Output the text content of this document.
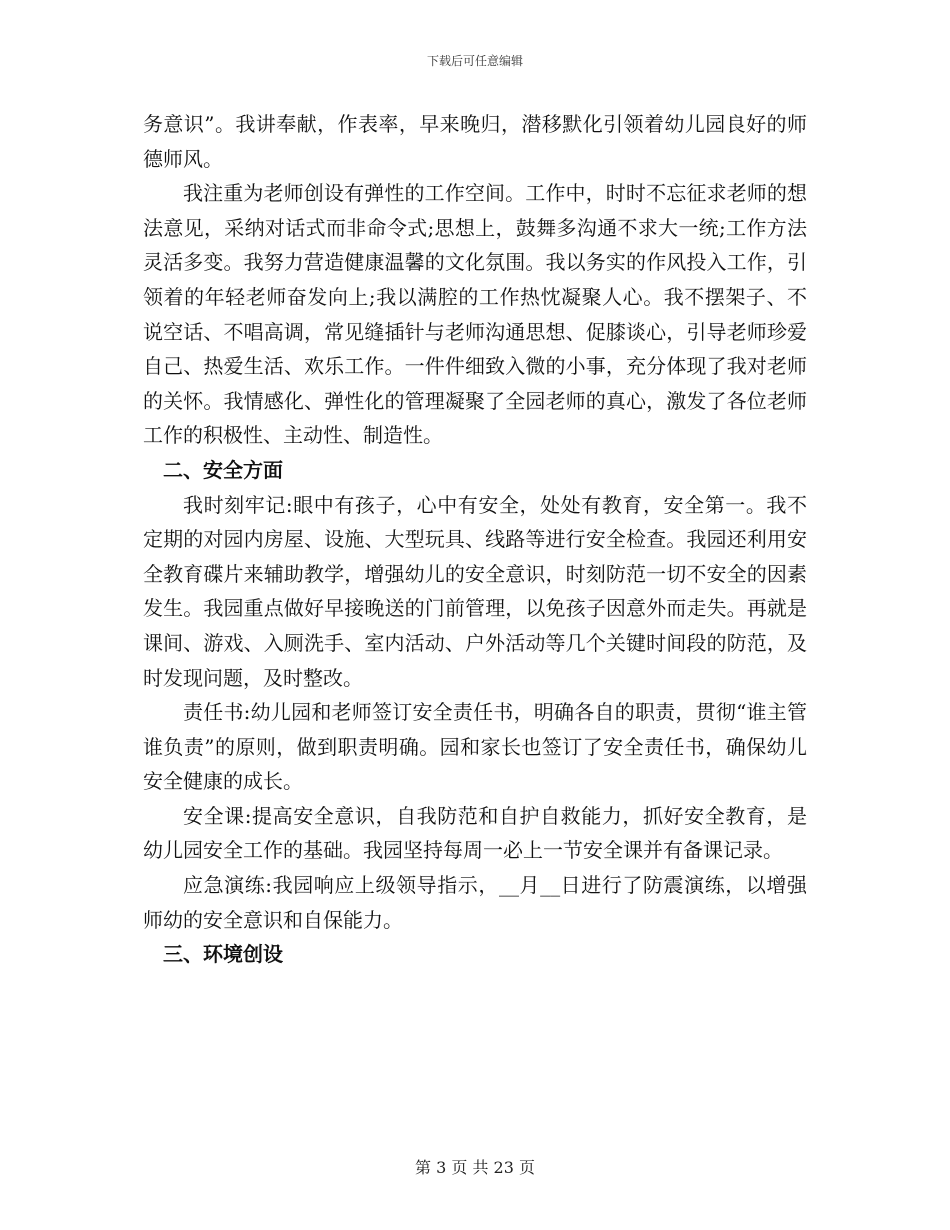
下载后可任意编辑

务意识”。我讲奉献，作表率，早来晚归，潜移默化引领着幼儿园良好的师德师风。

我注重为老师创设有弹性的工作空间。工作中，时时不忘征求老师的想法意见，采纳对话式而非命令式;思想上，鼓舞多沟通不求大一统;工作方法灵活多变。我努力营造健康温馨的文化氛围。我以务实的作风投入工作，引领着的年轻老师奋发向上;我以满腔的工作热忱凝聚人心。我不摆架子、不说空话、不唱高调，常见缝插针与老师沟通思想、促膝谈心，引导老师珍爱自己、热爱生活、欢乐工作。一件件细致入微的小事，充分体现了我对老师的关怀。我情感化、弹性化的管理凝聚了全园老师的真心，激发了各位老师工作的积极性、主动性、制造性。

二、安全方面

我时刻牢记:眼中有孩子，心中有安全，处处有教育，安全第一。我不定期的对园内房屋、设施、大型玩具、线路等进行安全检查。我园还利用安全教育碟片来辅助教学，增强幼儿的安全意识，时刻防范一切不安全的因素发生。我园重点做好早接晚送的门前管理，以免孩子因意外而走失。再就是课间、游戏、入厕洗手、室内活动、户外活动等几个关键时间段的防范，及时发现问题，及时整改。

责任书:幼儿园和老师签订安全责任书，明确各自的职责，贯彻“谁主管谁负责”的原则，做到职责明确。园和家长也签订了安全责任书，确保幼儿安全健康的成长。

安全课:提高安全意识，自我防范和自护自救能力，抓好安全教育，是幼儿园安全工作的基础。我园坚持每周一必上一节安全课并有备课记录。

应急演练:我园响应上级领导指示，__月__日进行了防震演练，以增强师幼的安全意识和自保能力。

三、环境创设

第 3 页 共 23 页
